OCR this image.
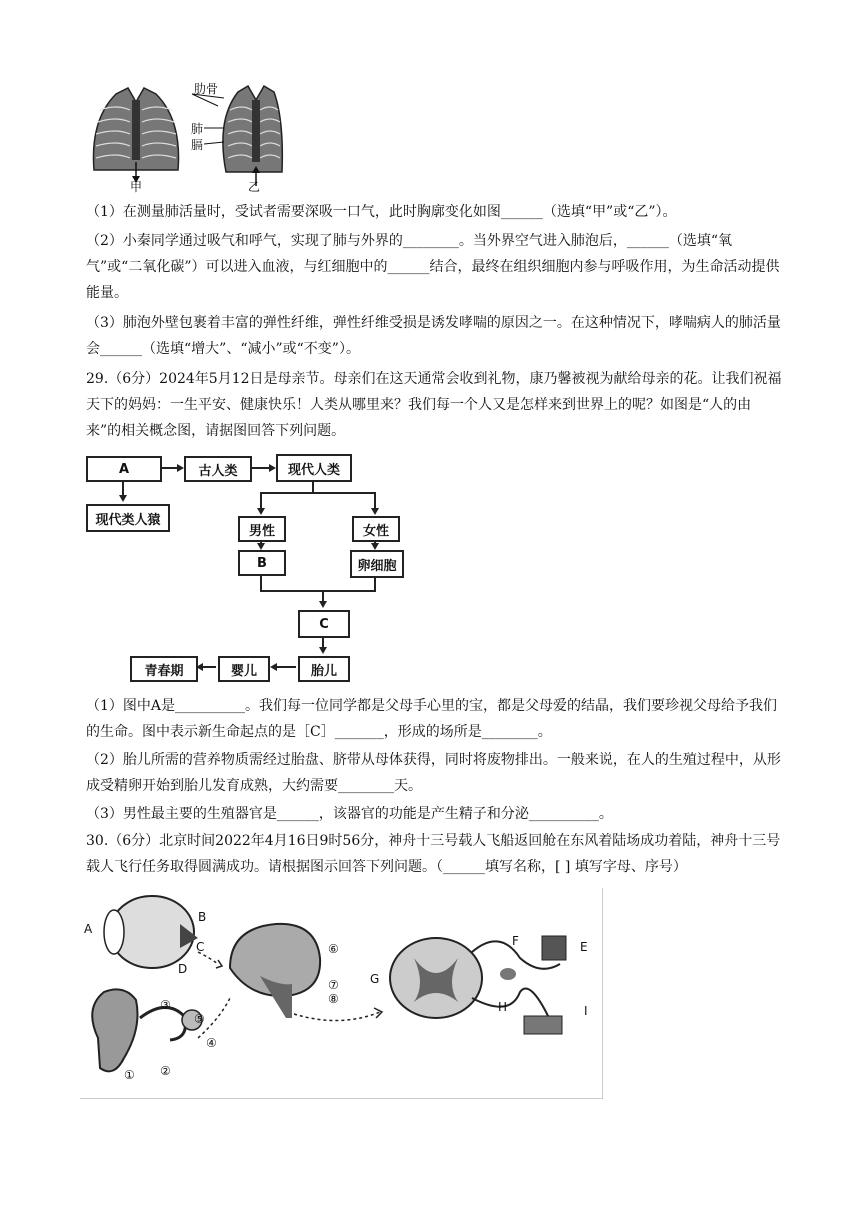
肋骨
肺
膈
甲	乙

（1）在测量肺活量时，受试者需要深吸一口气，此时胸廓变化如图______（选填“甲”或“乙”）。

（2）小秦同学通过吸气和呼气，实现了肺与外界的________。当外界空气进入肺泡后，______（选填“氧气”或“二氧化碳”）可以进入血液，与红细胞中的______结合，最终在组织细胞内参与呼吸作用，为生命活动提供能量。

（3）肺泡外壁包裹着丰富的弹性纤维，弹性纤维受损是诱发哮喘的原因之一。在这种情况下，哮喘病人的肺活量会______（选填“增大”、“减小”或“不变”）。

29.（6分）2024年5月12日是母亲节。母亲们在这天通常会收到礼物，康乃馨被视为献给母亲的花。让我们祝福天下的妈妈：一生平安、健康快乐！人类从哪里来？我们每一个人又是怎样来到世界上的呢？如图是“人的由来”的相关概念图，请据图回答下列问题。

A	古人类	现代人类
现代类人猿
男性	女性
B	卵细胞
C
青春期	婴儿	胎儿

（1）图中A是__________。我们每一位同学都是父母手心里的宝，都是父母爱的结晶，我们要珍视父母给予我们的生命。图中表示新生命起点的是［C］_______，形成的场所是________。

（2）胎儿所需的营养物质需经过胎盘、脐带从母体获得，同时将废物排出。一般来说，在人的生殖过程中，从形成受精卵开始到胎儿发育成熟，大约需要________天。

（3）男性最主要的生殖器官是______，该器官的功能是产生精子和分泌__________。

30.（6分）北京时间2022年4月16日9时56分，神舟十三号载人飞船返回舱在东风着陆场成功着陆，神舟十三号载人飞行任务取得圆满成功。请根据图示回答下列问题。（______填写名称，[ ] 填写字母、序号）

A
B
C
D
① ②
③
④
⑤
⑥
⑦
⑧
G
F	E
H	I
